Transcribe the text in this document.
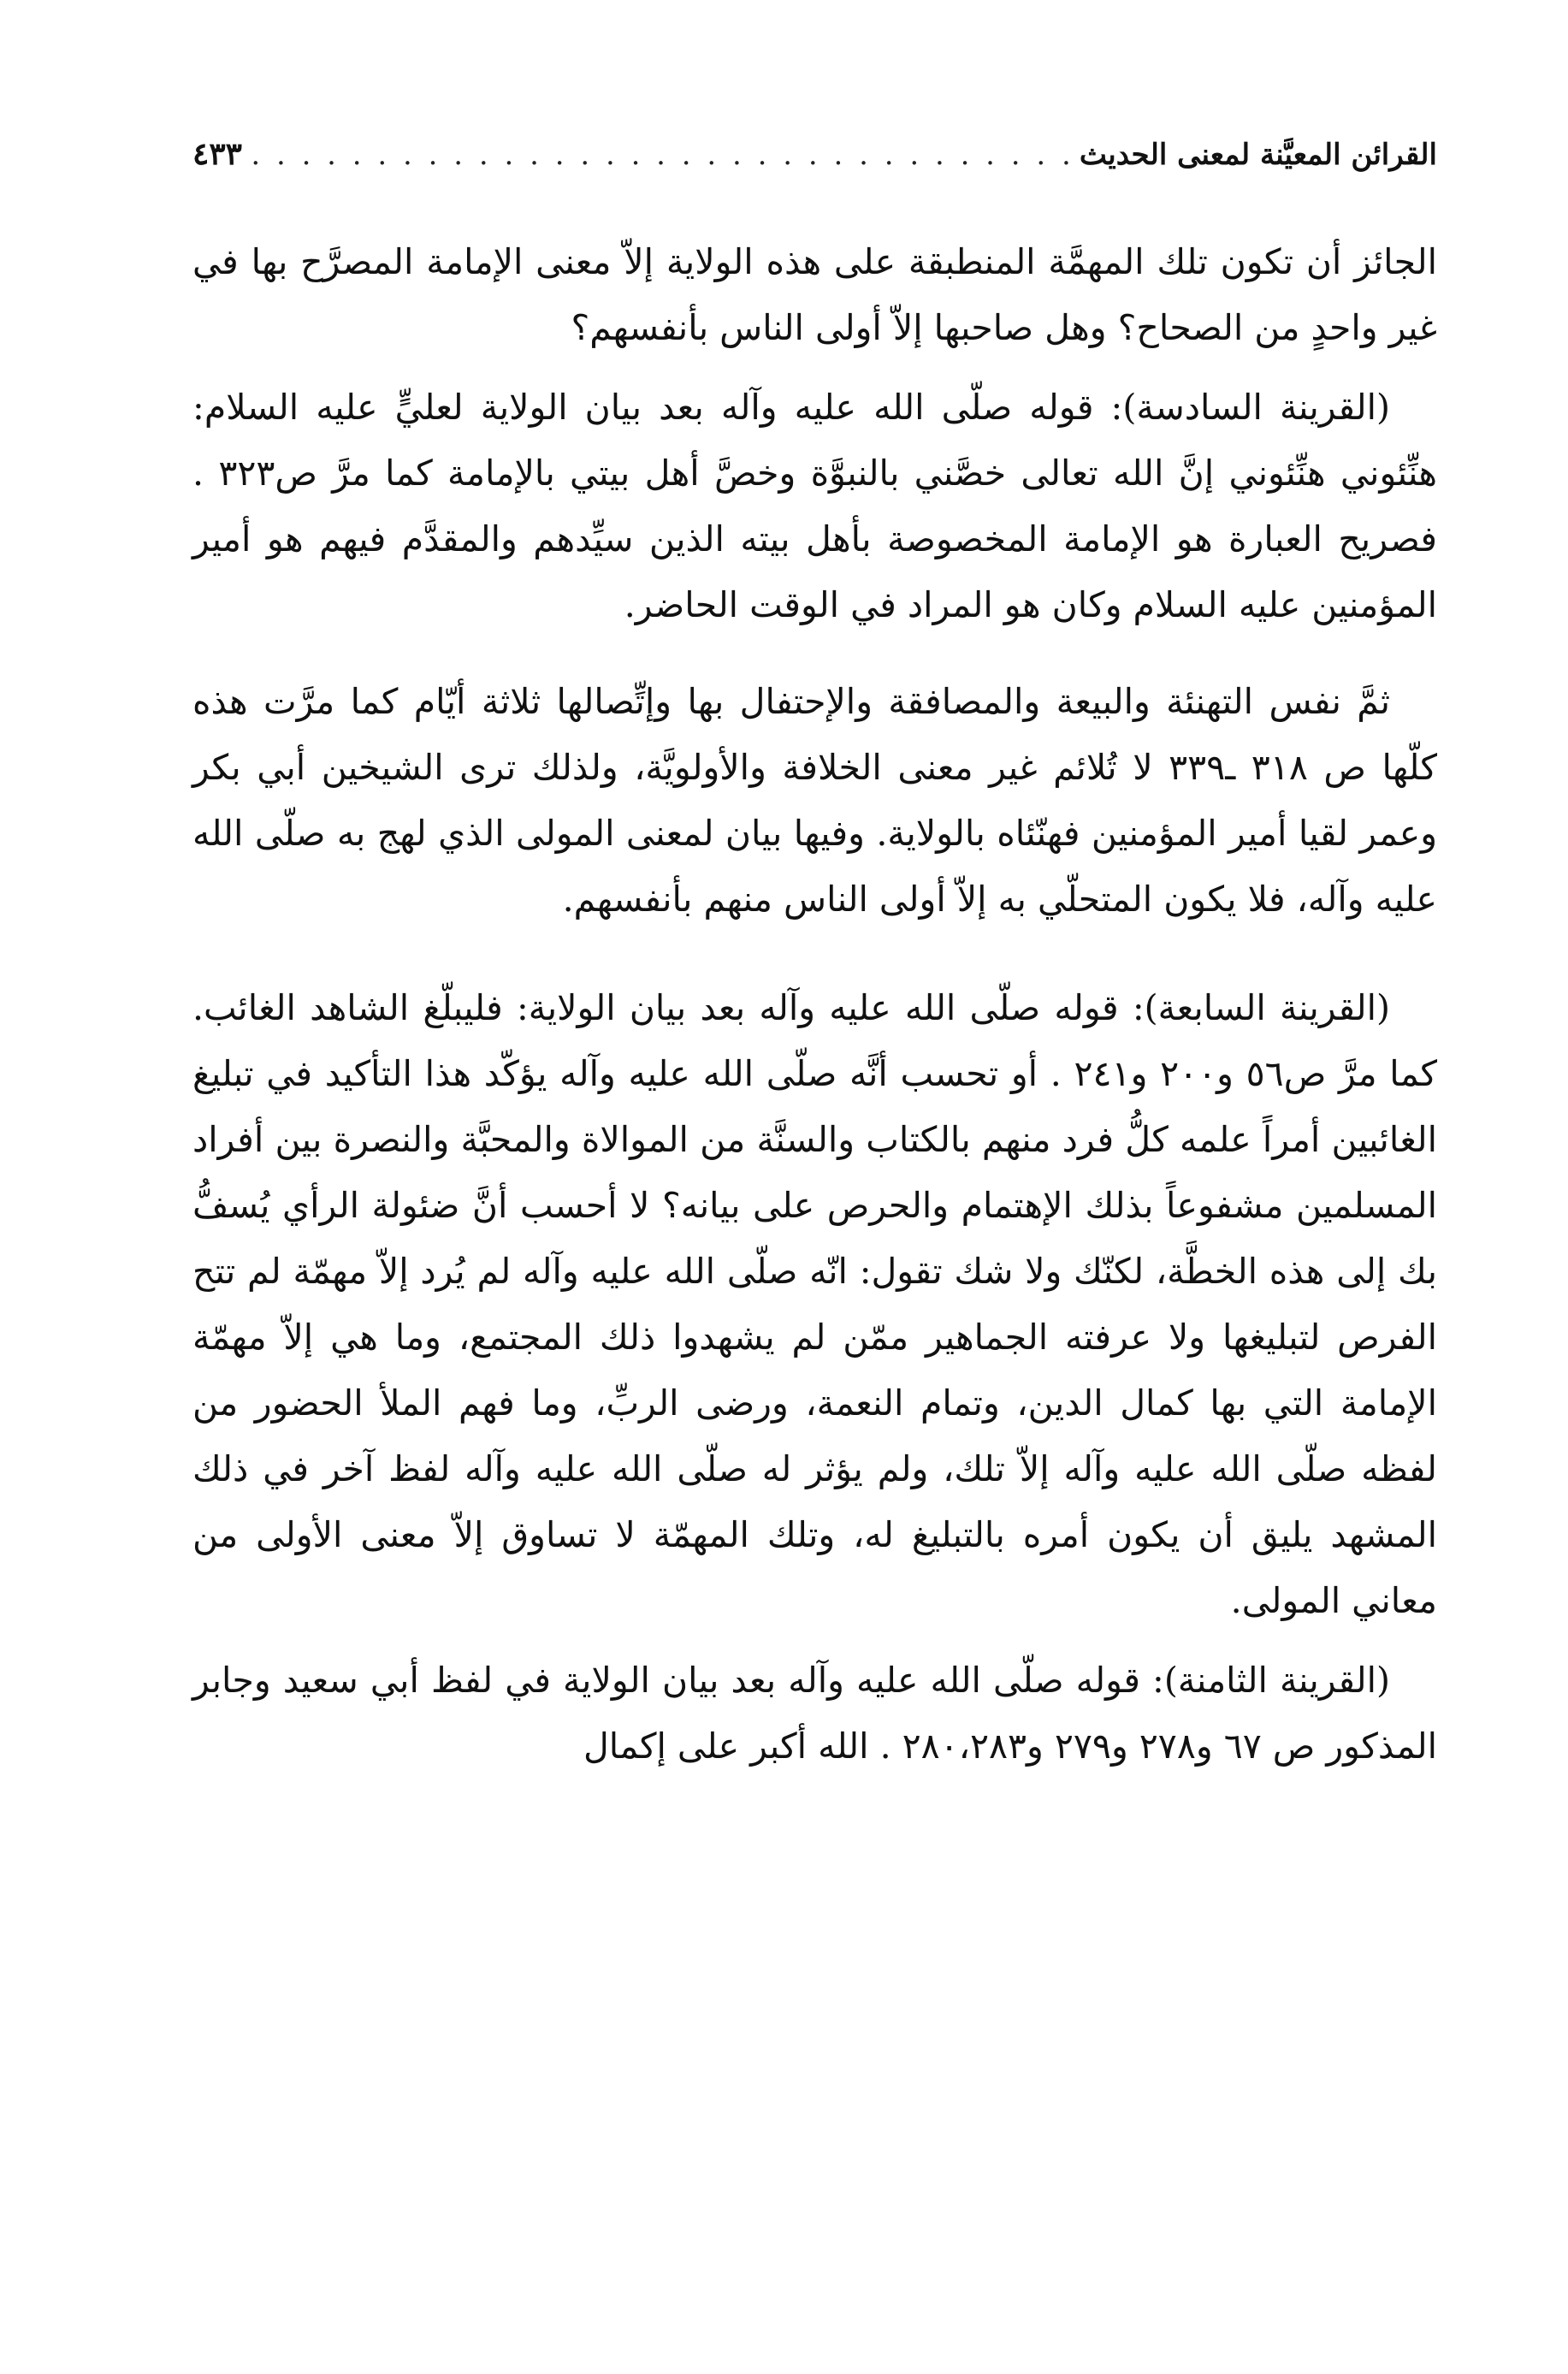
القرائن المعيَّنة لمعنى الحديث
. . .
٤٣٣

الجائز أن تكون تلك المهمَّة المنطبقة على هذه الولاية إلاّ معنى الإمامة المصرَّح بها في غير واحدٍ من الصحاح؟ وهل صاحبها إلاّ أولى الناس بأنفسهم؟

(القرينة السادسة): قوله صلّى الله عليه وآله بعد بيان الولاية لعليٍّ عليه السلام: هنِّئوني هنِّئوني إنَّ الله تعالى خصَّني بالنبوَّة وخصَّ أهل بيتي بالإمامة كما مرَّ ص٣٢٣ . فصريح العبارة هو الإمامة المخصوصة بأهل بيته الذين سيِّدهم والمقدَّم فيهم هو أمير المؤمنين عليه السلام وكان هو المراد في الوقت الحاضر.

ثمَّ نفس التهنئة والبيعة والمصافقة والإحتفال بها وإتِّصالها ثلاثة أيّام كما مرَّت هذه كلّها ص ٣١٨ ـ٣٣٩ لا تُلائم غير معنى الخلافة والأولويَّة، ولذلك ترى الشيخين أبي بكر وعمر لقيا أمير المؤمنين فهنّئاه بالولاية. وفيها بيان لمعنى المولى الذي لهج به صلّى الله عليه وآله، فلا يكون المتحلّي به إلاّ أولى الناس منهم بأنفسهم.

(القرينة السابعة): قوله صلّى الله عليه وآله بعد بيان الولاية: فليبلّغ الشاهد الغائب. كما مرَّ ص٥٦ و٢٠٠ و٢٤١ . أو تحسب أنَّه صلّى الله عليه وآله يؤكّد هذا التأكيد في تبليغ الغائبين أمراً علمه كلُّ فرد منهم بالكتاب والسنَّة من الموالاة والمحبَّة والنصرة بين أفراد المسلمين مشفوعاً بذلك الإهتمام والحرص على بيانه؟ لا أحسب أنَّ ضئولة الرأي يُسفُّ بك إلى هذه الخطَّة، لكنّك ولا شك تقول: انّه صلّى الله عليه وآله لم يُرد إلاّ مهمّة لم تتح الفرص لتبليغها ولا عرفته الجماهير ممّن لم يشهدوا ذلك المجتمع، وما هي إلاّ مهمّة الإمامة التي بها كمال الدين، وتمام النعمة، ورضى الربِّ، وما فهم الملأ الحضور من لفظه صلّى الله عليه وآله إلاّ تلك، ولم يؤثر له صلّى الله عليه وآله لفظ آخر في ذلك المشهد يليق أن يكون أمره بالتبليغ له، وتلك المهمّة لا تساوق إلاّ معنى الأولى من معاني المولى.

(القرينة الثامنة): قوله صلّى الله عليه وآله بعد بيان الولاية في لفظ أبي سعيد وجابر المذكور ص ٦٧ و٢٧٨ و٢٧٩ و٢٨٠،٢٨٣ . الله أكبر على إكمال
